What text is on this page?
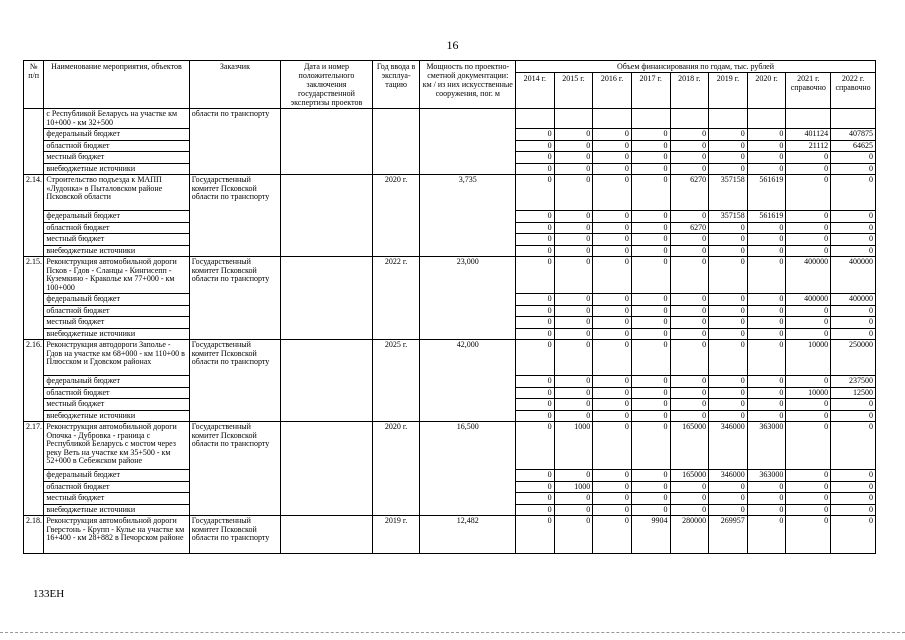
16
№ п/п	Наименование мероприятия, объектов	Заказчик	Дата и номер положительного заключения государственной экспертизы проектов	Год ввода в эксплуа-тацию	Мощность по проектно-сметной документации: км / из них искусственные сооружения, пог. м	Объем финансирования по годам, тыс. рублей								
						2014 г.	2015 г.	2016 г.	2017 г.	2018 г.	2019 г.	2020 г.	2021 г. справочно	2022 г. справочно
	с Республикой Беларусь на участке км 10+000 - км 32+500	области по транспорту												
	федеральный бюджет					0	0	0	0	0	0	0	401124	407875
	областной бюджет					0	0	0	0	0	0	0	21112	64625
	местный бюджет					0	0	0	0	0	0	0	0	0
	внебюджетные источники					0	0	0	0	0	0	0	0	0
2.14.	Строительство подъезда к МАПП «Лудонка» в Пыталовском районе Псковской области	Государственный комитет Псковской области по транспорту		2020 г.	3,735	0	0	0	0	6270	357158	561619	0	0
	федеральный бюджет					0	0	0	0	0	357158	561619	0	0
	областной бюджет					0	0	0	0	6270	0	0	0	0
	местный бюджет					0	0	0	0	0	0	0	0	0
	внебюджетные источники					0	0	0	0	0	0	0	0	0
2.15.	Реконструкция автомобильной дороги Псков - Гдов - Сланцы - Кингисепп - Куземкино - Краколье км 77+000 - км 100+000	Государственный комитет Псковской области по транспорту		2022 г.	23,000	0	0	0	0	0	0	0	400000	400000
	федеральный бюджет					0	0	0	0	0	0	0	400000	400000
	областной бюджет					0	0	0	0	0	0	0	0	0
	местный бюджет					0	0	0	0	0	0	0	0	0
	внебюджетные источники					0	0	0	0	0	0	0	0	0
2.16.	Реконструкция автодороги Заполье - Гдов на участке км 68+000 - км 110+00 в Плюсском и Гдовском районах	Государственный комитет Псковской области по транспорту		2025 г.	42,000	0	0	0	0	0	0	0	10000	250000
	федеральный бюджет					0	0	0	0	0	0	0	0	237500
	областной бюджет					0	0	0	0	0	0	0	10000	12500
	местный бюджет					0	0	0	0	0	0	0	0	0
	внебюджетные источники					0	0	0	0	0	0	0	0	0
2.17.	Реконструкция автомобильной дороги Опочка - Дубровка - граница с Республикой Беларусь с мостом через реку Веть на участке км 35+500 - км 52+000 в Себежском районе	Государственный комитет Псковской области по транспорту		2020 г.	16,500	0	1000	0	0	165000	346000	363000	0	0
	федеральный бюджет					0	0	0	0	165000	346000	363000	0	0
	областной бюджет					0	1000	0	0	0	0	0	0	0
	местный бюджет					0	0	0	0	0	0	0	0	0
	внебюджетные источники					0	0	0	0	0	0	0	0	0
2.18.	Реконструкция автомобильной дороги Гверстонь - Крупп - Кулье на участке км 16+400 - км 28+882 в Печорском районе	Государственный комитет Псковской области по транспорту		2019 г.	12,482	0	0	0	9904	280000	269957	0	0	0
133ЕН
